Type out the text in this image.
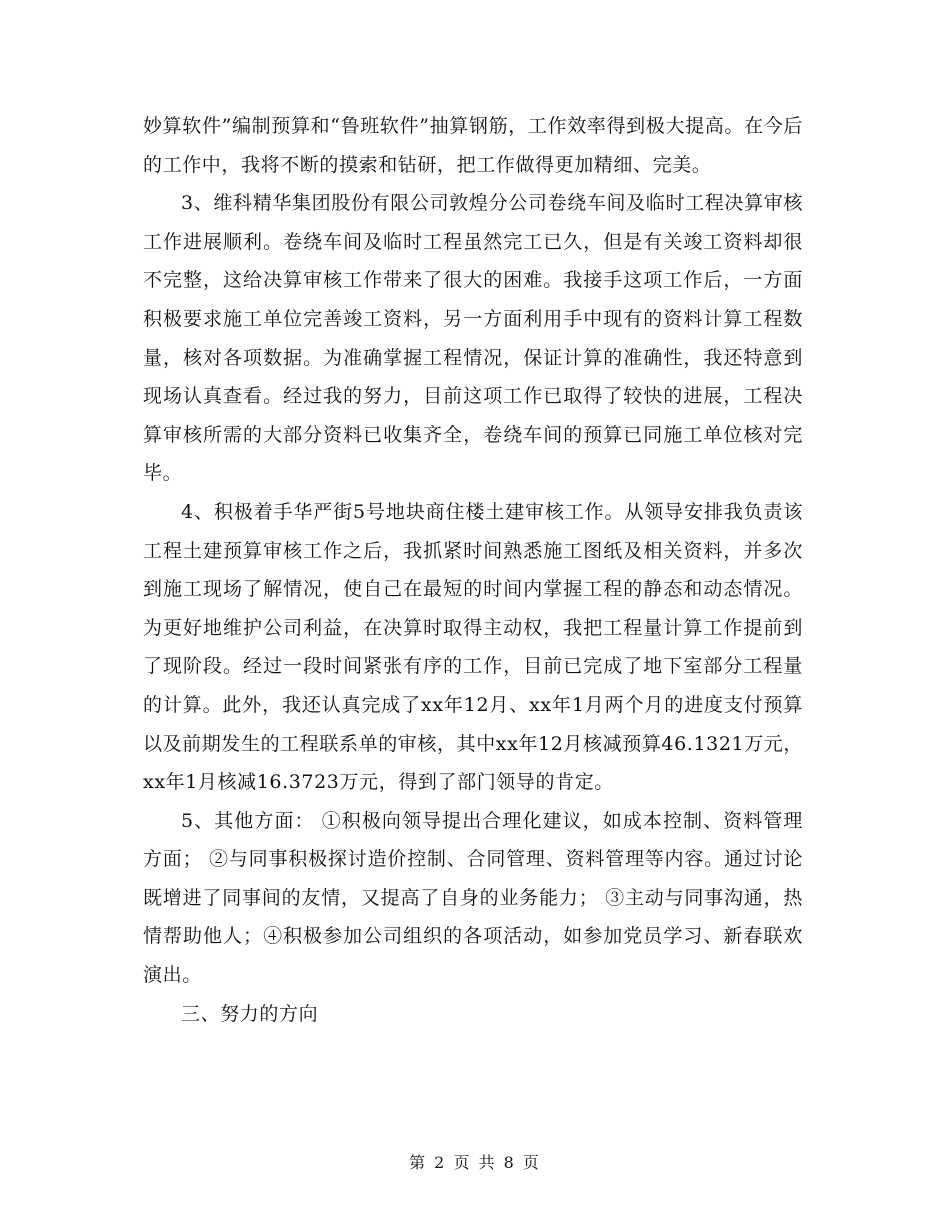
妙算软件”编制预算和“鲁班软件”抽算钢筋，工作效率得到极大提高。在今后的工作中，我将不断的摸索和钻研，把工作做得更加精细、完美。

3、维科精华集团股份有限公司敦煌分公司卷绕车间及临时工程决算审核工作进展顺利。卷绕车间及临时工程虽然完工已久，但是有关竣工资料却很不完整，这给决算审核工作带来了很大的困难。我接手这项工作后，一方面积极要求施工单位完善竣工资料，另一方面利用手中现有的资料计算工程数量，核对各项数据。为准确掌握工程情况，保证计算的准确性，我还特意到现场认真查看。经过我的努力，目前这项工作已取得了较快的进展，工程决算审核所需的大部分资料已收集齐全，卷绕车间的预算已同施工单位核对完毕。

4、积极着手华严街5号地块商住楼土建审核工作。从领导安排我负责该工程土建预算审核工作之后，我抓紧时间熟悉施工图纸及相关资料，并多次到施工现场了解情况，使自己在最短的时间内掌握工程的静态和动态情况。为更好地维护公司利益，在决算时取得主动权，我把工程量计算工作提前到了现阶段。经过一段时间紧张有序的工作，目前已完成了地下室部分工程量的计算。此外，我还认真完成了xx年12月、xx年1月两个月的进度支付预算以及前期发生的工程联系单的审核，其中xx年12月核减预算46.1321万元，xx年1月核减16.3723万元，得到了部门领导的肯定。

5、其他方面： ①积极向领导提出合理化建议，如成本控制、资料管理方面； ②与同事积极探讨造价控制、合同管理、资料管理等内容。通过讨论既增进了同事间的友情，又提高了自身的业务能力； ③主动与同事沟通，热情帮助他人；④积极参加公司组织的各项活动，如参加党员学习、新春联欢演出。

三、努力的方向

第 2 页 共 8 页
